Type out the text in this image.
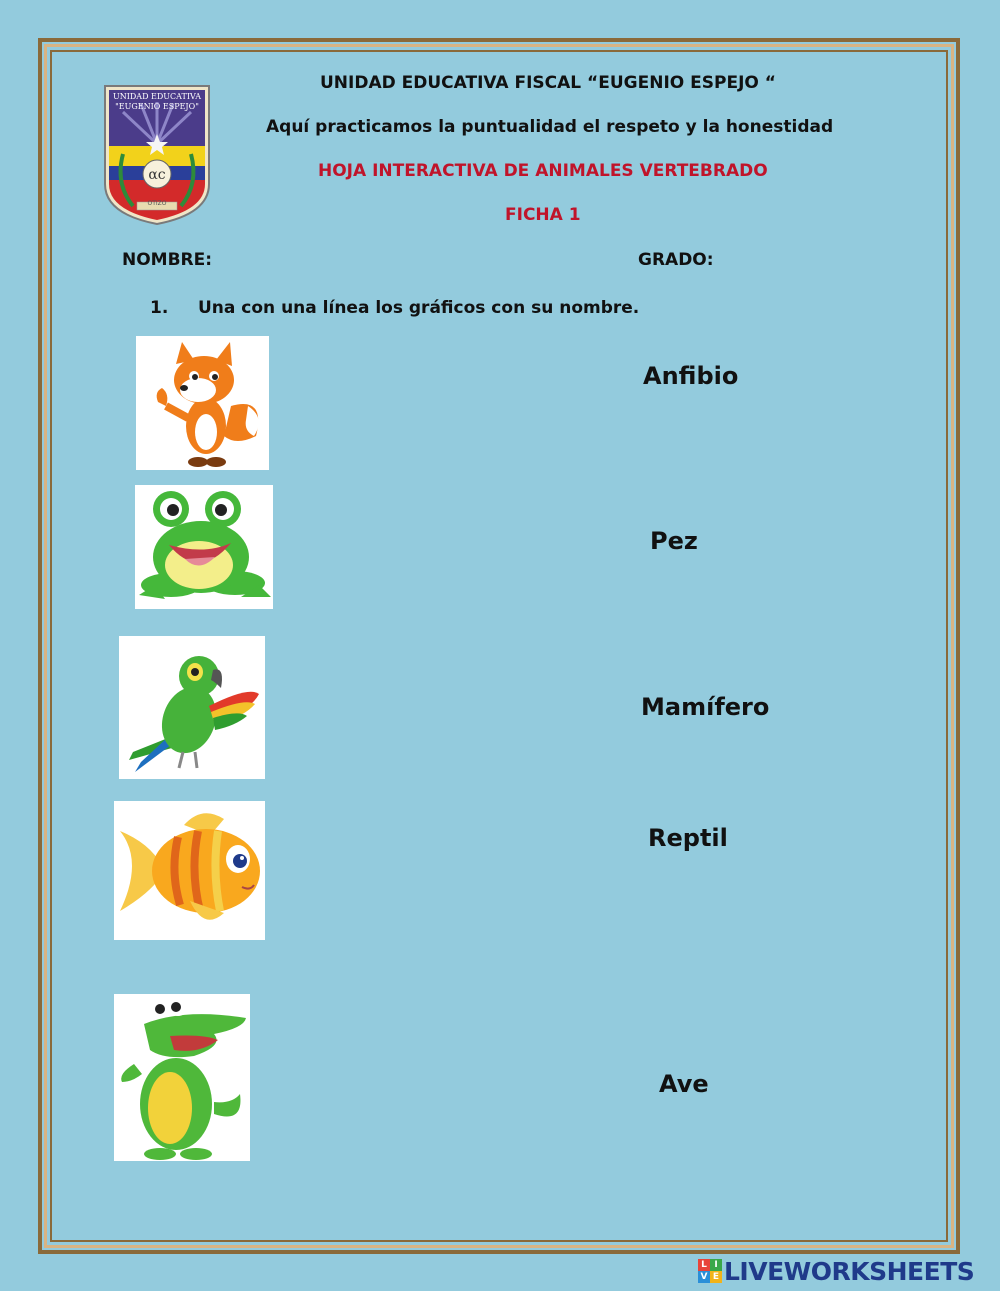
αc
UNIDAD EDUCATIVA
"EUGENIO ESPEJO"
OTIZO
UNIDAD EDUCATIVA FISCAL “EUGENIO ESPEJO “
Aquí practicamos la puntualidad el respeto y la honestidad
HOJA INTERACTIVA DE ANIMALES VERTEBRADO
FICHA 1
NOMBRE:	GRADO:
1. Una con una línea los gráficos con su nombre.
Anfibio
Pez
Mamífero
Reptil
Ave
L I
V E LIVEWORKSHEETS
